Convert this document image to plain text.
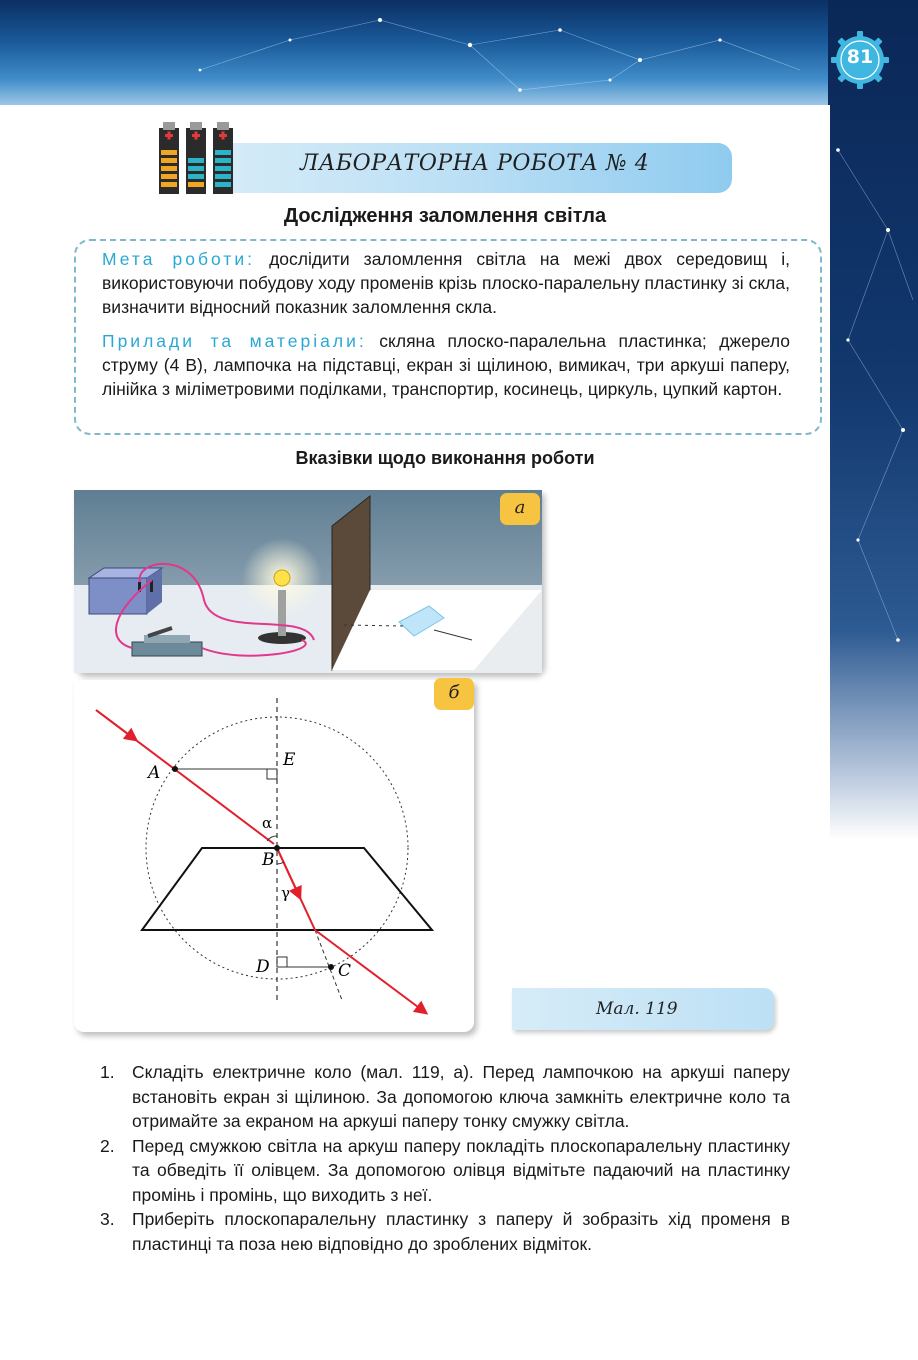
81
ЛАБОРАТОРНА РОБОТА № 4
Дослідження заломлення світла
Мета роботи: дослідити заломлення світла на межі двох середовищ і, використовуючи побудову ходу променів крізь плоско-паралельну пластинку зі скла, визначити відносний показник заломлення скла.
Прилади та матеріали: скляна плоско-паралельна пластинка; джерело струму (4 В), лампочка на підставці, екран зі щілиною, вимикач, три аркуші паперу, лінійка з міліметровими поділками, транспортир, косинець, циркуль, цупкий картон.
Вказівки щодо виконання роботи
а
A
E
B
D	C
α
γ
б
Мал. 119
1. Складіть електричне коло (мал. 119, а). Перед лампочкою на аркуші паперу встановіть екран зі щілиною. За допомогою ключа замкніть електричне коло та отримайте за екраном на аркуші паперу тонку смужку світла.
2. Перед смужкою світла на аркуш паперу покладіть плоскопаралельну пластинку та обведіть її олівцем. За допомогою олівця відмітьте падаючий на пластинку промінь і промінь, що виходить з неї.
3. Приберіть плоскопаралельну пластинку з паперу й зобразіть хід променя в пластинці та поза нею відповідно до зроблених відміток.
